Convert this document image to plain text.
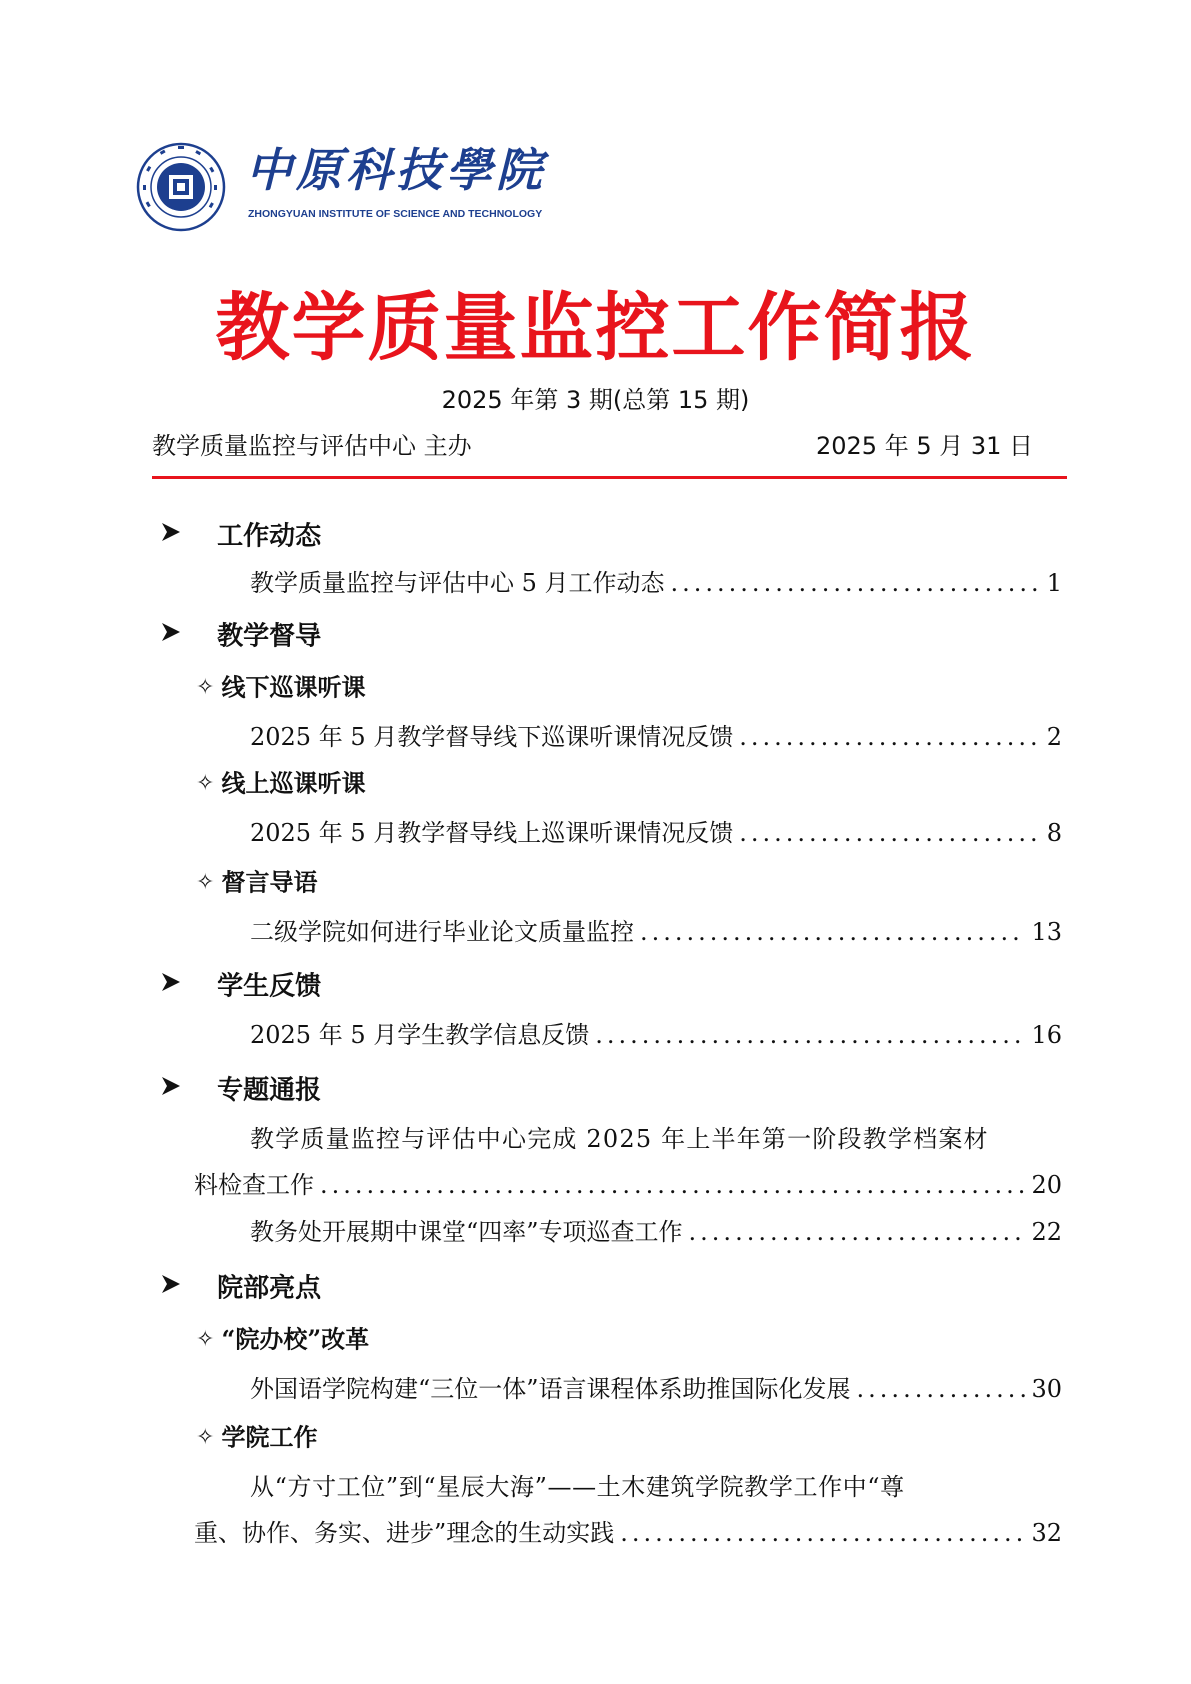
中原科技學院
ZHONGYUAN INSTITUTE OF SCIENCE AND TECHNOLOGY
教学质量监控工作简报
2025 年第 3 期(总第 15 期)
教学质量监控与评估中心 主办	2025 年 5 月 31 日
工作动态
教学质量监控与评估中心 5 月工作动态 .....	1
教学督导
✧ 线下巡课听课
2025 年 5 月教学督导线下巡课听课情况反馈 .....	2
✧ 线上巡课听课
2025 年 5 月教学督导线上巡课听课情况反馈 .....	8
✧ 督言导语
二级学院如何进行毕业论文质量监控 .....	13
学生反馈
2025 年 5 月学生教学信息反馈 .....	16
专题通报
教学质量监控与评估中心完成 2025 年上半年第一阶段教学档案材
料检查工作 .....	20
教务处开展期中课堂“四率”专项巡查工作 .....	22
院部亮点
✧ “院办校”改革
外国语学院构建“三位一体”语言课程体系助推国际化发展 .....	30
✧ 学院工作
从“方寸工位”到“星辰大海”——土木建筑学院教学工作中“尊
重、协作、务实、进步”理念的生动实践 .....	32
